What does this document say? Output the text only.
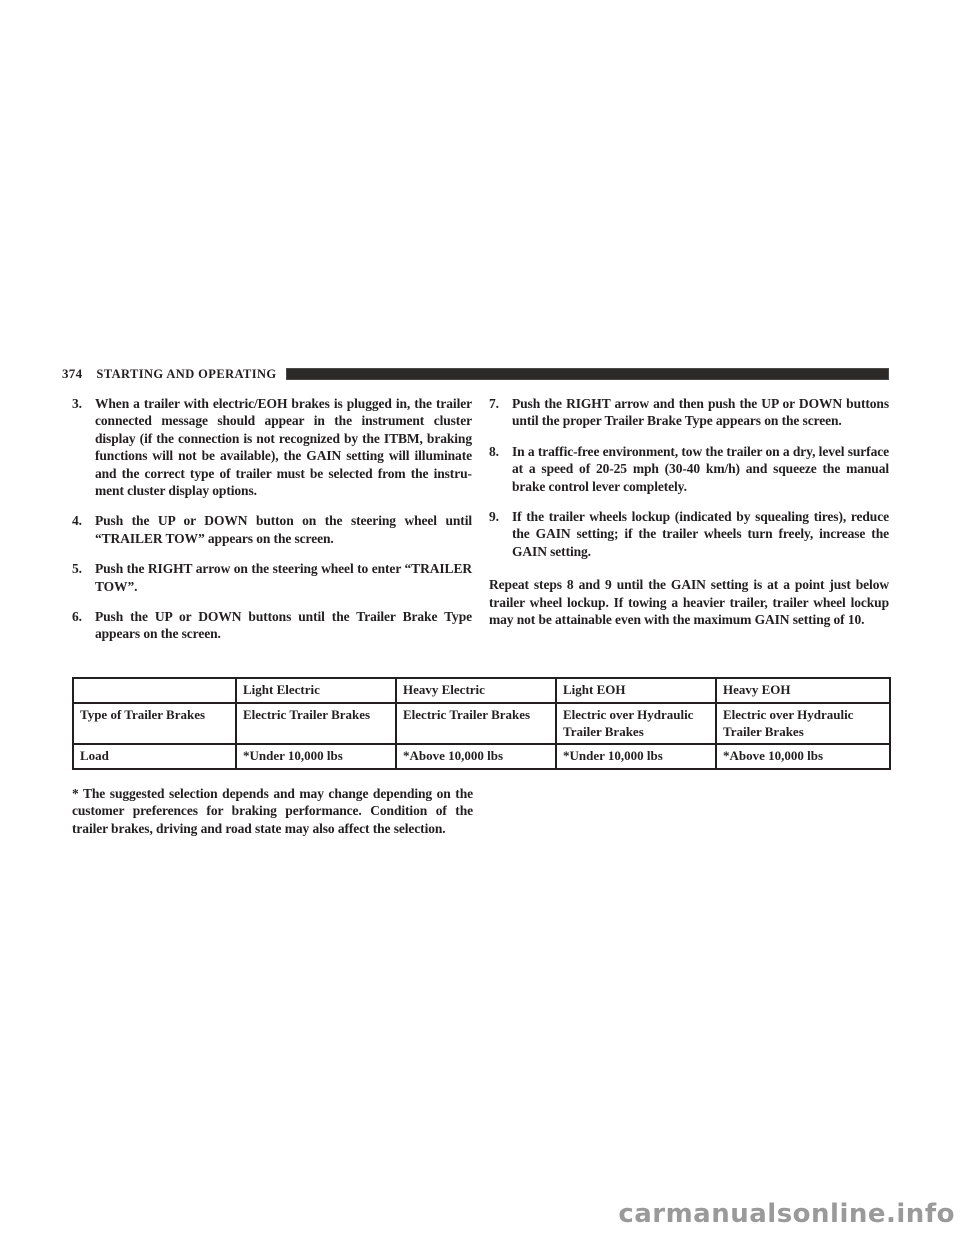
374 STARTING AND OPERATING
3. When a trailer with electric/EOH brakes is plugged in, the trailer connected message should appear in the instrument cluster display (if the connection is not recognized by the ITBM, braking functions will not be available), the GAIN setting will illuminate and the correct type of trailer must be selected from the instrument cluster display options.
4. Push the UP or DOWN button on the steering wheel until “TRAILER TOW” appears on the screen.
5. Push the RIGHT arrow on the steering wheel to enter “TRAILER TOW”.
6. Push the UP or DOWN buttons until the Trailer Brake Type appears on the screen.
7. Push the RIGHT arrow and then push the UP or DOWN buttons until the proper Trailer Brake Type appears on the screen.
8. In a traffic-free environment, tow the trailer on a dry, level surface at a speed of 20-25 mph (30-40 km/h) and squeeze the manual brake control lever completely.
9. If the trailer wheels lockup (indicated by squealing tires), reduce the GAIN setting; if the trailer wheels turn freely, increase the GAIN setting.
Repeat steps 8 and 9 until the GAIN setting is at a point just below trailer wheel lockup. If towing a heavier trailer, trailer wheel lockup may not be attainable even with the maximum GAIN setting of 10.
	Light Electric	Heavy Electric	Light EOH	Heavy EOH
Type of Trailer Brakes	Electric Trailer Brakes	Electric Trailer Brakes	Electric over Hydraulic Trailer Brakes	Electric over Hydraulic Trailer Brakes
Load	*Under 10,000 lbs	*Above 10,000 lbs	*Under 10,000 lbs	*Above 10,000 lbs
* The suggested selection depends and may change depending on the customer preferences for braking performance. Condition of the trailer brakes, driving and road state may also affect the selection.
carmanualsonline.info
